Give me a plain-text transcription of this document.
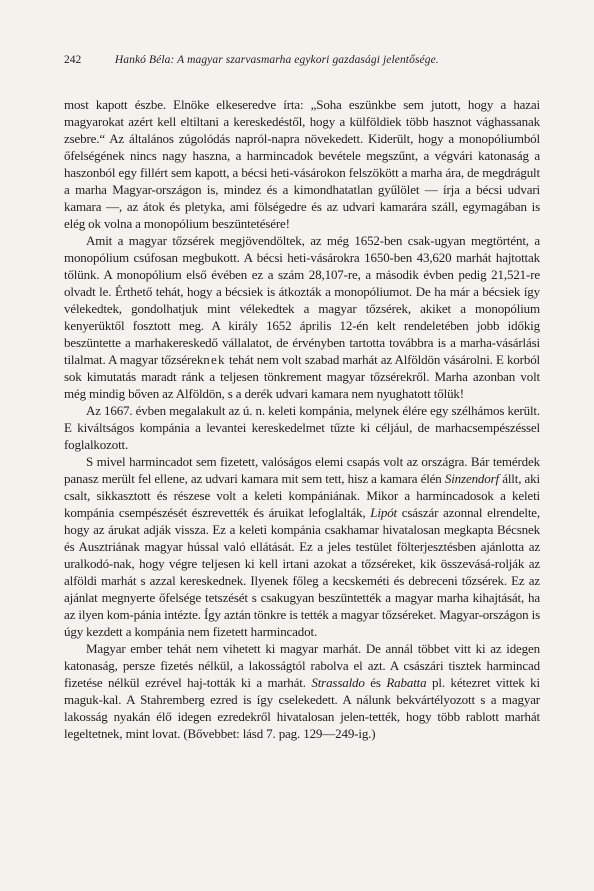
242	Hankó Béla: A magyar szarvasmarha egykori gazdasági jelentősége.

most kapott észbe. Elnöke elkeseredve írta: „Soha eszünkbe sem jutott, hogy a hazai magyarokat azért kell eltiltani a kereskedéstől, hogy a külföldiek több hasznot vághassanak zsebre.“ Az általános zúgolódás napról-napra növekedett. Kiderült, hogy a monopóliumból őfelségének nincs nagy haszna, a harmincadok bevétele megszűnt, a végvári katonaság a haszonból egy fillért sem kapott, a bécsi heti-vásárokon felszökött a marha ára, de megdrágult a marha Magyar-országon is, mindez és a kimondhatatlan gyűlölet — írja a bécsi udvari kamara —, az átok és pletyka, ami fölségedre és az udvari kamarára száll, egymagában is elég ok volna a monopólium beszüntetésére!

Amit a magyar tőzsérek megjövendöltek, az még 1652-ben csak-ugyan megtörtént, a monopólium csúfosan megbukott. A bécsi heti-vásárokra 1650-ben 43,620 marhát hajtottak tőlünk. A monopólium első évében ez a szám 28,107-re, a második évben pedig 21,521-re olvadt le. Érthető tehát, hogy a bécsiek is átkozták a monopóliumot. De ha már a bécsiek így vélekedtek, gondolhatjuk mint vélekedtek a magyar tőzsérek, akiket a monopólium kenyerüktől fosztott meg. A király 1652 április 12-én kelt rendeletében jobb időkig beszüntette a marhakereskedő vállalatot, de érvényben tartotta továbbra is a marha-vásárlási tilalmat. A magyar tőzséreknek tehát nem volt szabad marhát az Alföldön vásárolni. E korból sok kimutatás maradt ránk a teljesen tönkrement magyar tőzsérekről. Marha azonban volt még mindig bőven az Alföldön, s a derék udvari kamara nem nyughatott tőlük!

Az 1667. évben megalakult az ú. n. keleti kompánia, melynek élére egy szélhámos került. E kiváltságos kompánia a levantei kereskedelmet tűzte ki céljául, de marhacsempészéssel foglalkozott.

S mivel harmincadot sem fizetett, valóságos elemi csapás volt az országra. Bár temérdek panasz merült fel ellene, az udvari kamara mit sem tett, hisz a kamara élén Sinzendorf állt, aki csalt, sikkasztott és részese volt a keleti kompániának. Mikor a harmincadosok a keleti kompánia csempészését észrevették és áruikat lefoglalták, Lipót császár azonnal elrendelte, hogy az árukat adják vissza. Ez a keleti kompánia csakhamar hivatalosan megkapta Bécsnek és Ausztriának magyar hússal való ellátását. Ez a jeles testület fölterjesztésben ajánlotta az uralkodó-nak, hogy végre teljesen ki kell irtani azokat a tőzséreket, kik összevásá-rolják az alföldi marhát s azzal kereskednek. Ilyenek főleg a kecskeméti és debreceni tőzsérek. Ez az ajánlat megnyerte őfelsége tetszését s csakugyan beszüntették a magyar marha kihajtását, ha az ilyen kom-pánia intézte. Így aztán tönkre is tették a magyar tőzséreket. Magyar-országon is úgy kezdett a kompánia nem fizetett harmincadot.

Magyar ember tehát nem vihetett ki magyar marhát. De annál többet vitt ki az idegen katonaság, persze fizetés nélkül, a lakosságtól rabolva el azt. A császári tisztek harmincad fizetése nélkül ezrével haj-tották ki a marhát. Strassaldo és Rabatta pl. kétezret vittek ki maguk-kal. A Stahremberg ezred is így cselekedett. A nálunk bekvártélyozott s a magyar lakosság nyakán élő idegen ezredekről hivatalosan jelen-tették, hogy több rablott marhát legeltetnek, mint lovat. (Bővebbet: lásd 7. pag. 129—249-ig.)
